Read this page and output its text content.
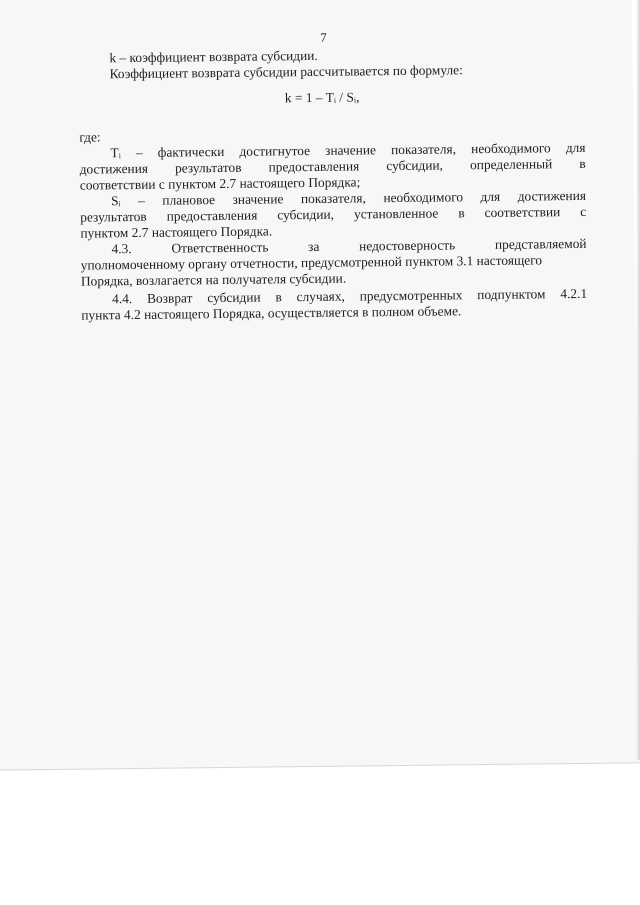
7
k – коэффициент возврата субсидии.
Коэффициент возврата субсидии рассчитывается по формуле:
k = 1 – Tᵢ / Sᵢ,
где:
Tᵢ – фактически достигнутое значение показателя, необходимого для
достижения результатов предоставления субсидии, определенный в
соответствии с пунктом 2.7 настоящего Порядка;
Sᵢ – плановое значение показателя, необходимого для достижения
результатов предоставления субсидии, установленное в соответствии с
пунктом 2.7 настоящего Порядка.
4.3. Ответственность за недостоверность представляемой
уполномоченному органу отчетности, предусмотренной пунктом 3.1 настоящего
Порядка, возлагается на получателя субсидии.
4.4. Возврат субсидии в случаях, предусмотренных подпунктом 4.2.1
пункта 4.2 настоящего Порядка, осуществляется в полном объеме.
